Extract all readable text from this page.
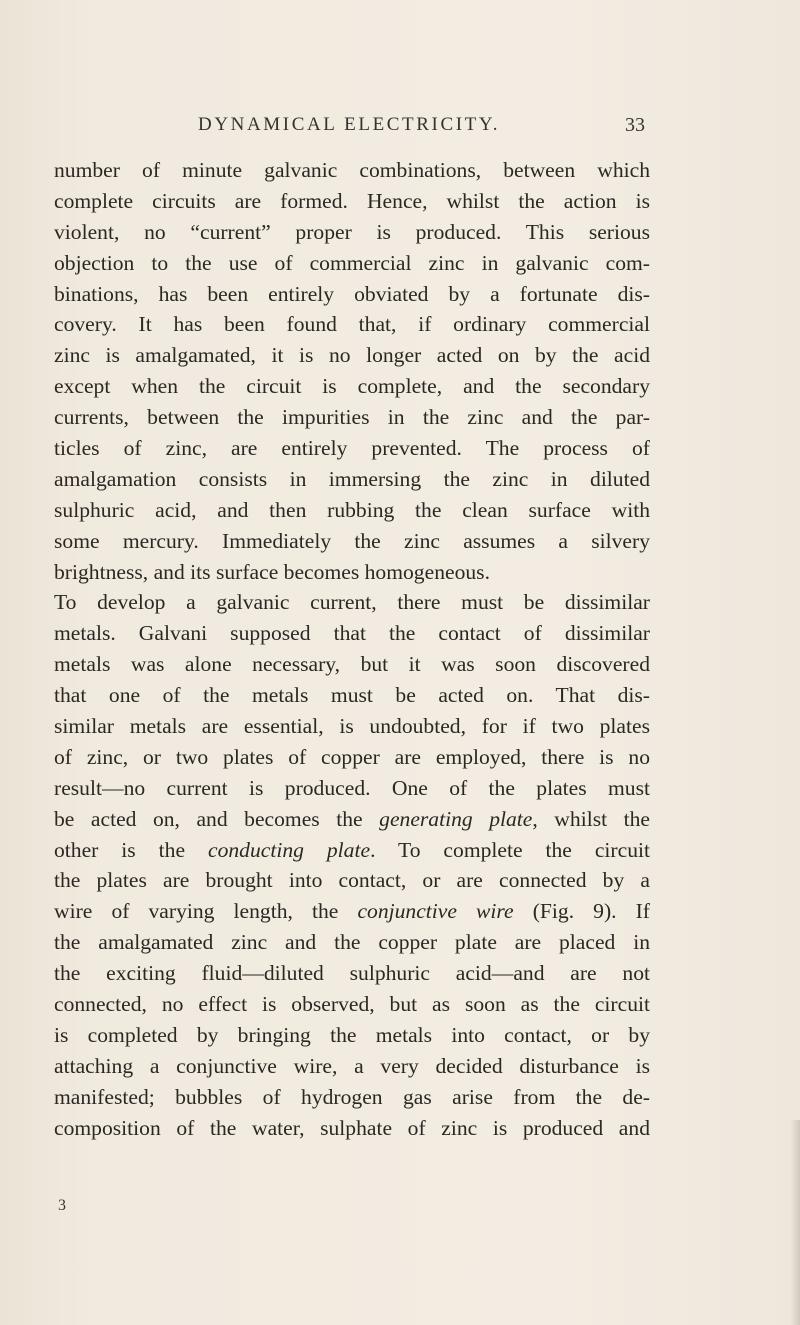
DYNAMICAL ELECTRICITY.	33
number of minute galvanic combinations, between which
complete circuits are formed. Hence, whilst the action is
violent, no “current” proper is produced. This serious
objection to the use of commercial zinc in galvanic com-
binations, has been entirely obviated by a fortunate dis-
covery. It has been found that, if ordinary commercial
zinc is amalgamated, it is no longer acted on by the acid
except when the circuit is complete, and the secondary
currents, between the impurities in the zinc and the par-
ticles of zinc, are entirely prevented. The process of
amalgamation consists in immersing the zinc in diluted
sulphuric acid, and then rubbing the clean surface with
some mercury. Immediately the zinc assumes a silvery
brightness, and its surface becomes homogeneous.
To develop a galvanic current, there must be dissimilar
metals. Galvani supposed that the contact of dissimilar
metals was alone necessary, but it was soon discovered
that one of the metals must be acted on. That dis-
similar metals are essential, is undoubted, for if two plates
of zinc, or two plates of copper are employed, there is no
result—no current is produced. One of the plates must
be acted on, and becomes the generating plate, whilst the
other is the conducting plate. To complete the circuit
the plates are brought into contact, or are connected by a
wire of varying length, the conjunctive wire (Fig. 9). If
the amalgamated zinc and the copper plate are placed in
the exciting fluid—diluted sulphuric acid—and are not
connected, no effect is observed, but as soon as the circuit
is completed by bringing the metals into contact, or by
attaching a conjunctive wire, a very decided disturbance is
manifested; bubbles of hydrogen gas arise from the de-
composition of the water, sulphate of zinc is produced and
3
